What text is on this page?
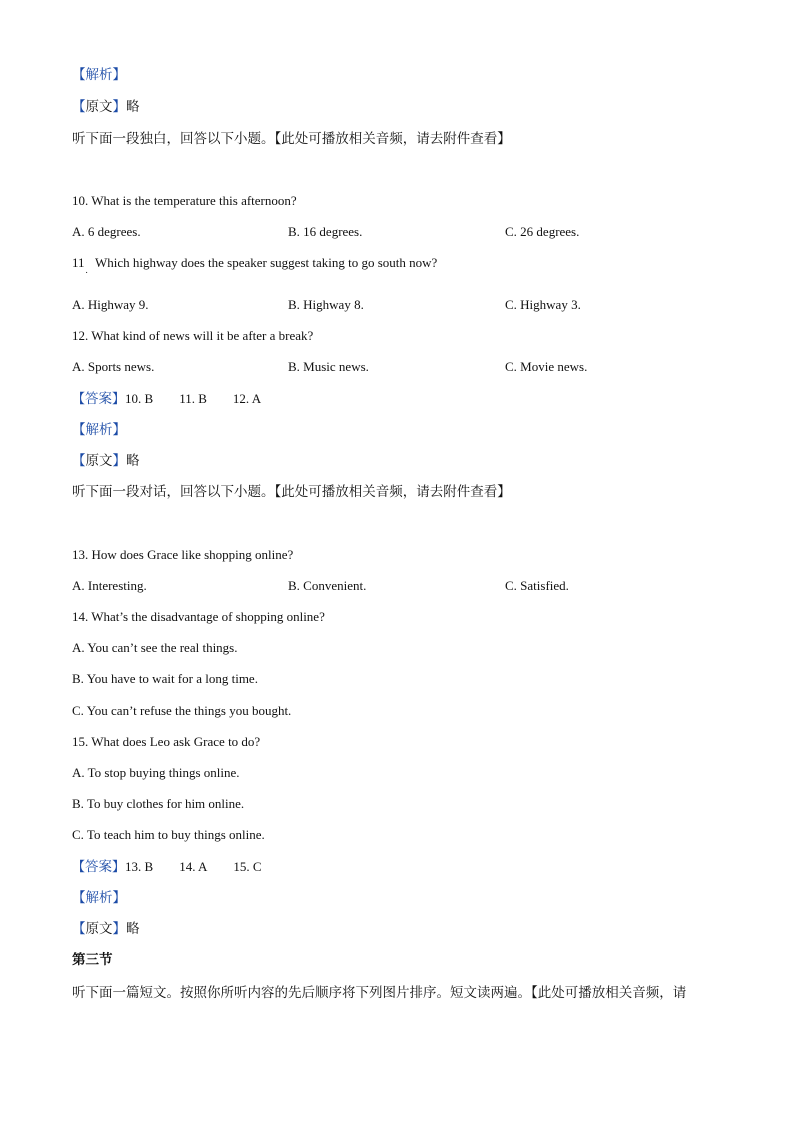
【解析】
【原文】略
听下面一段独白，回答以下小题。【此处可播放相关音频，请去附件查看】
10. What is the temperature this afternoon?
A. 6 degrees.	B. 16 degrees.	C. 26 degrees.
$11_.$ Which highway does the speaker suggest taking to go south now?
A. Highway 9.	B. Highway 8.	C. Highway 3.
12. What kind of news will it be after a break?
A. Sports news.	B. Music news.	C. Movie news.
【答案】10. B 11. B 12. A
【解析】
【原文】略
听下面一段对话，回答以下小题。【此处可播放相关音频，请去附件查看】
13. How does Grace like shopping online?
A. Interesting.	B. Convenient.	C. Satisfied.
14. What’s the disadvantage of shopping online?
A. You can’t see the real things.
B. You have to wait for a long time.
C. You can’t refuse the things you bought.
15. What does Leo ask Grace to do?
A. To stop buying things online.
B. To buy clothes for him online.
C. To teach him to buy things online.
【答案】13. B 14. A 15. C
【解析】
【原文】略
第三节
听下面一篇短文。按照你所听内容的先后顺序将下列图片排序。短文读两遍。【此处可播放相关音频，请
